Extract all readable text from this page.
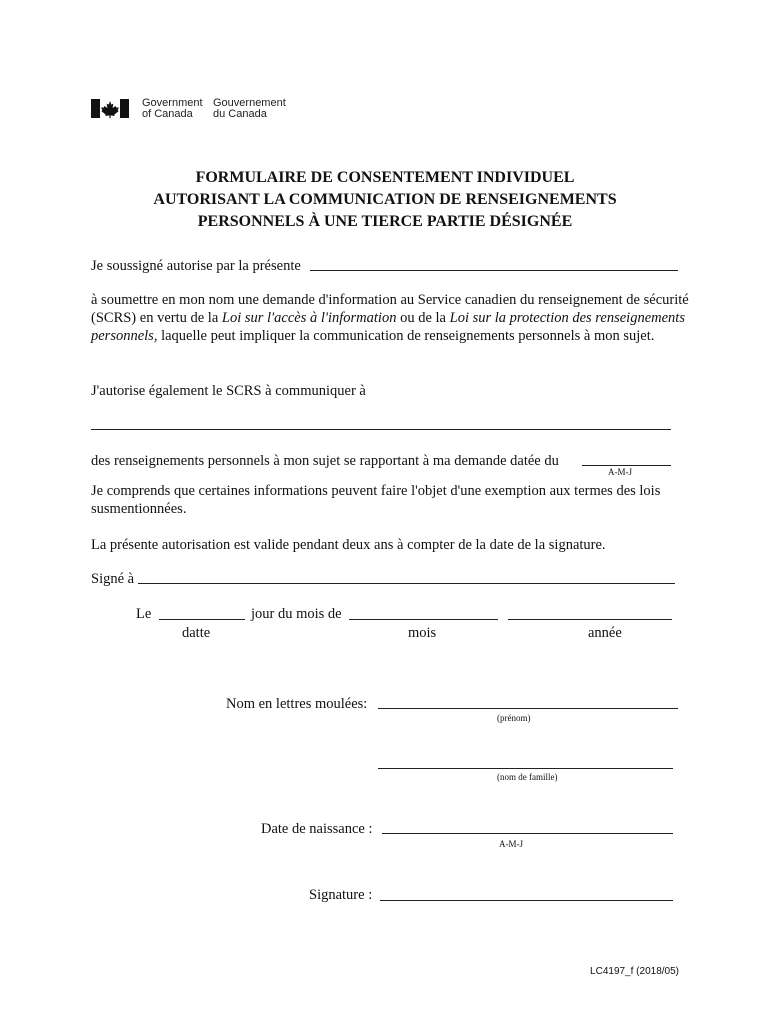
Government
of Canada
Gouvernement
du Canada
FORMULAIRE DE CONSENTEMENT INDIVIDUEL
AUTORISANT LA COMMUNICATION DE RENSEIGNEMENTS
PERSONNELS À UNE TIERCE PARTIE DÉSIGNÉE
Je soussigné autorise par la présente
à soumettre en mon nom une demande d'information au Service canadien du renseignement de sécurité (SCRS) en vertu de la Loi sur l'accès à l'information ou de la Loi sur la protection des renseignements personnels, laquelle peut impliquer la communication de renseignements personnels à mon sujet.
J'autorise également le SCRS à communiquer à
des renseignements personnels à mon sujet se rapportant à ma demande datée du
A-M-J
Je comprends que certaines informations peuvent faire l'objet d'une exemption aux termes des lois susmentionnées.
La présente autorisation est valide pendant deux ans à compter de la date de la signature.
Signé à
Le	jour du mois de
datte	mois	année
Nom en lettres moulées:
(prénom)
(nom de famille)
Date de naissance :
A-M-J
Signature :
LC4197_f (2018/05)
